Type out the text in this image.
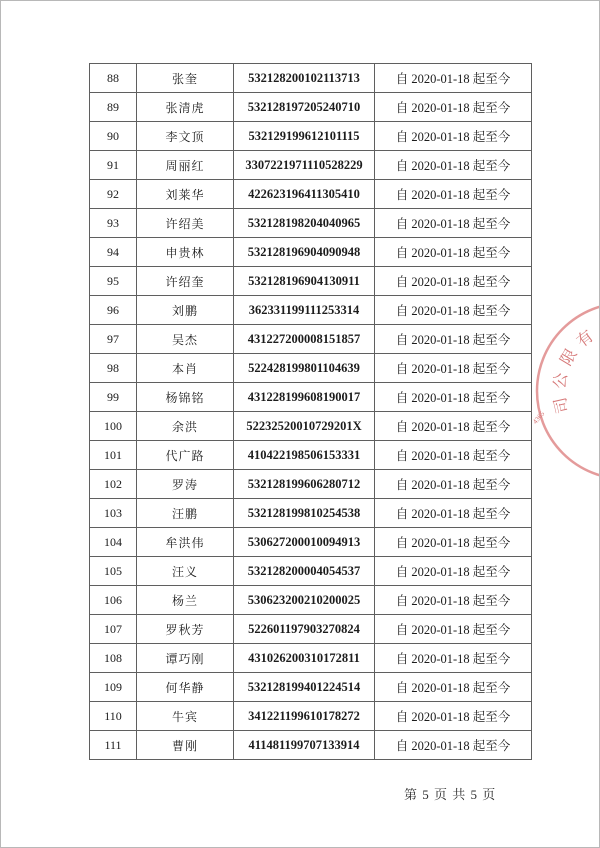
88	张奎	532128200102113713	自 2020-01-18 起至今
89	张清虎	532128197205240710	自 2020-01-18 起至今
90	李文顶	532129199612101115	自 2020-01-18 起至今
91	周丽红	3307221971110528229	自 2020-01-18 起至今
92	刘莱华	422623196411305410	自 2020-01-18 起至今
93	许绍美	532128198204040965	自 2020-01-18 起至今
94	申贵林	532128196904090948	自 2020-01-18 起至今
95	许绍奎	532128196904130911	自 2020-01-18 起至今
96	刘鹏	362331199111253314	自 2020-01-18 起至今
97	吴杰	431227200008151857	自 2020-01-18 起至今
98	本肖	522428199801104639	自 2020-01-18 起至今
99	杨锦铭	431228199608190017	自 2020-01-18 起至今
100	余洪	52232520010729201X	自 2020-01-18 起至今
101	代广路	410422198506153331	自 2020-01-18 起至今
102	罗涛	532128199606280712	自 2020-01-18 起至今
103	汪鹏	532128199810254538	自 2020-01-18 起至今
104	牟洪伟	530627200010094913	自 2020-01-18 起至今
105	汪义	532128200004054537	自 2020-01-18 起至今
106	杨兰	530623200210200025	自 2020-01-18 起至今
107	罗秋芳	522601197903270824	自 2020-01-18 起至今
108	谭巧刚	431026200310172811	自 2020-01-18 起至今
109	何华静	532128199401224514	自 2020-01-18 起至今
110	牛宾	341221199610178272	自 2020-01-18 起至今
111	曹刚	411481199707133914	自 2020-01-18 起至今
有
限
公
司
4365
第 5 页 共 5 页
